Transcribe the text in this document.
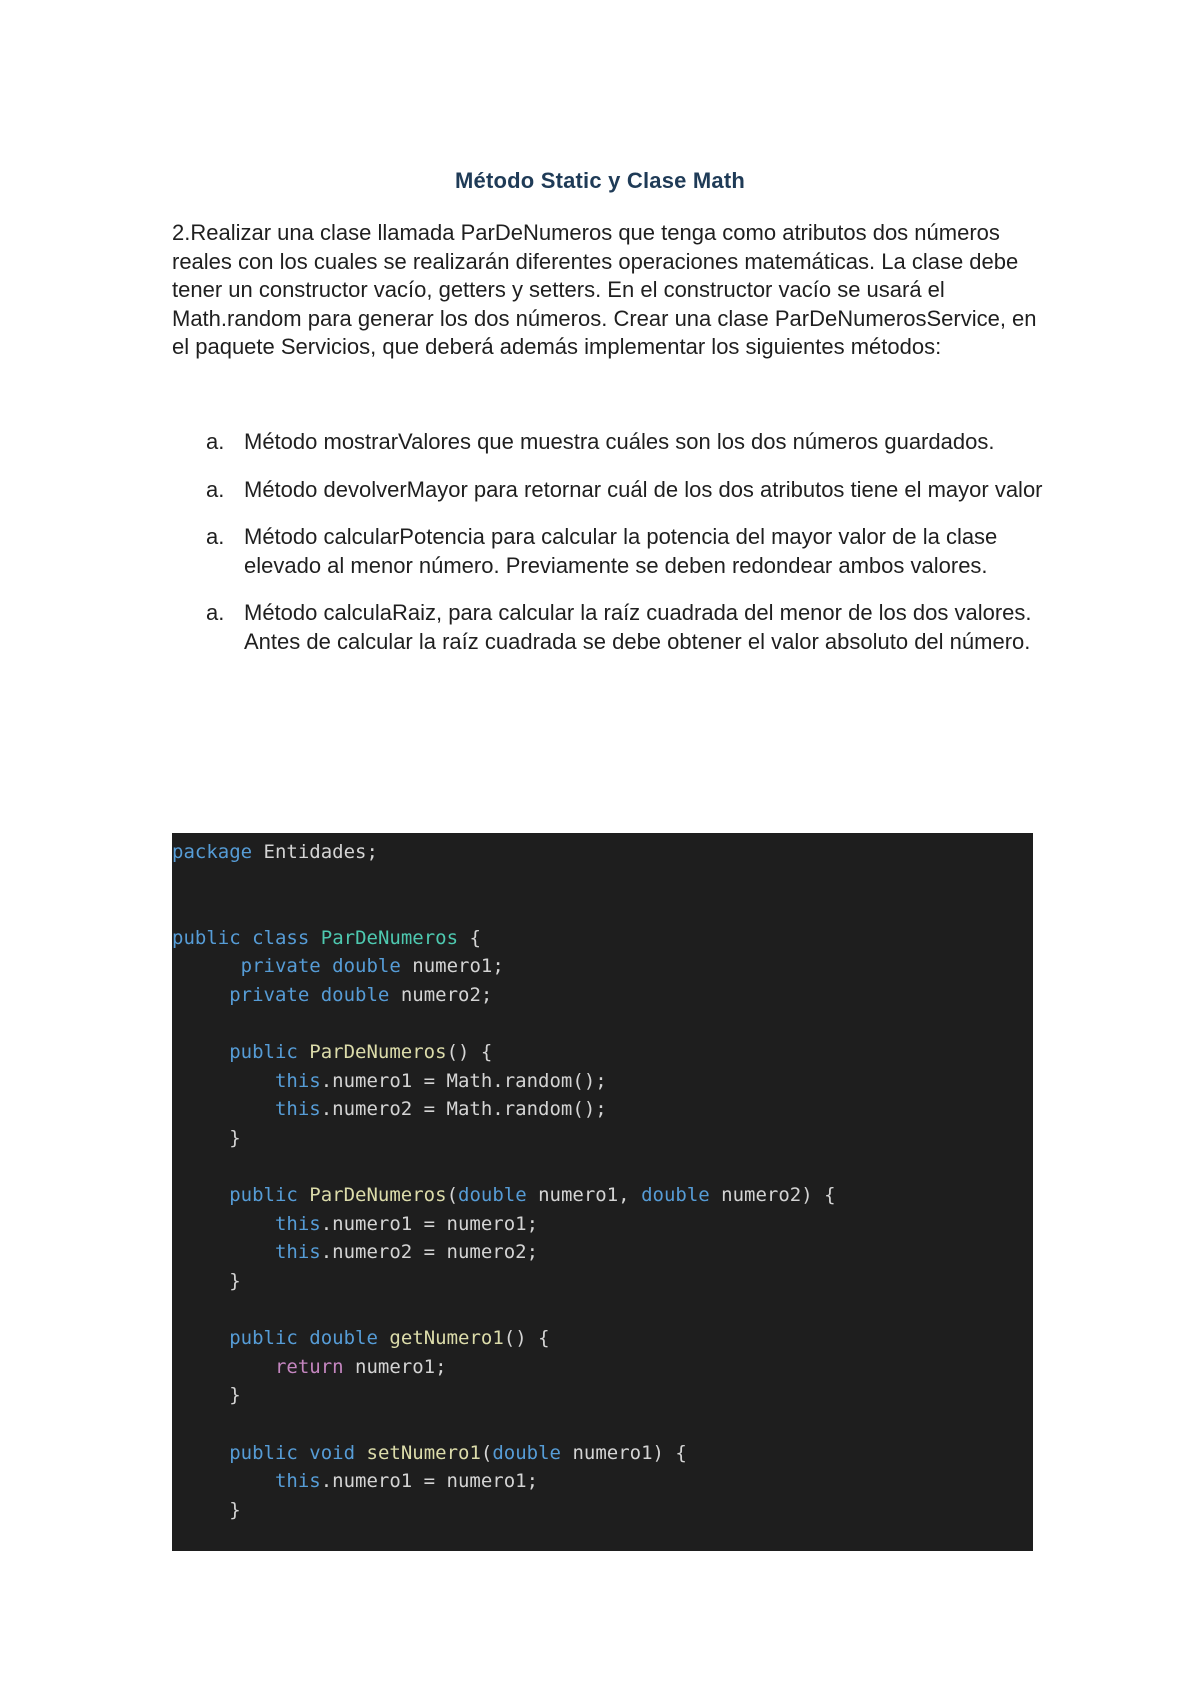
Método Static y Clase Math
2.Realizar una clase llamada ParDeNumeros que tenga como atributos dos números reales con los cuales se realizarán diferentes operaciones matemáticas. La clase debe tener un constructor vacío, getters y setters. En el constructor vacío se usará el Math.random para generar los dos números. Crear una clase ParDeNumerosService, en el paquete Servicios, que deberá además implementar los siguientes métodos:
a. Método mostrarValores que muestra cuáles son los dos números guardados.
a. Método devolverMayor para retornar cuál de los dos atributos tiene el mayor valor
a. Método calcularPotencia para calcular la potencia del mayor valor de la clase elevado al menor número. Previamente se deben redondear ambos valores.
a. Método calculaRaiz, para calcular la raíz cuadrada del menor de los dos valores. Antes de calcular la raíz cuadrada se debe obtener el valor absoluto del número.
package Entidades;
public class ParDeNumeros {
private double numero1;
private double numero2;
public ParDeNumeros() {
this.numero1 = Math.random();
this.numero2 = Math.random();
}
public ParDeNumeros(double numero1, double numero2) {
this.numero1 = numero1;
this.numero2 = numero2;
}
public double getNumero1() {
return numero1;
}
public void setNumero1(double numero1) {
this.numero1 = numero1;
}
